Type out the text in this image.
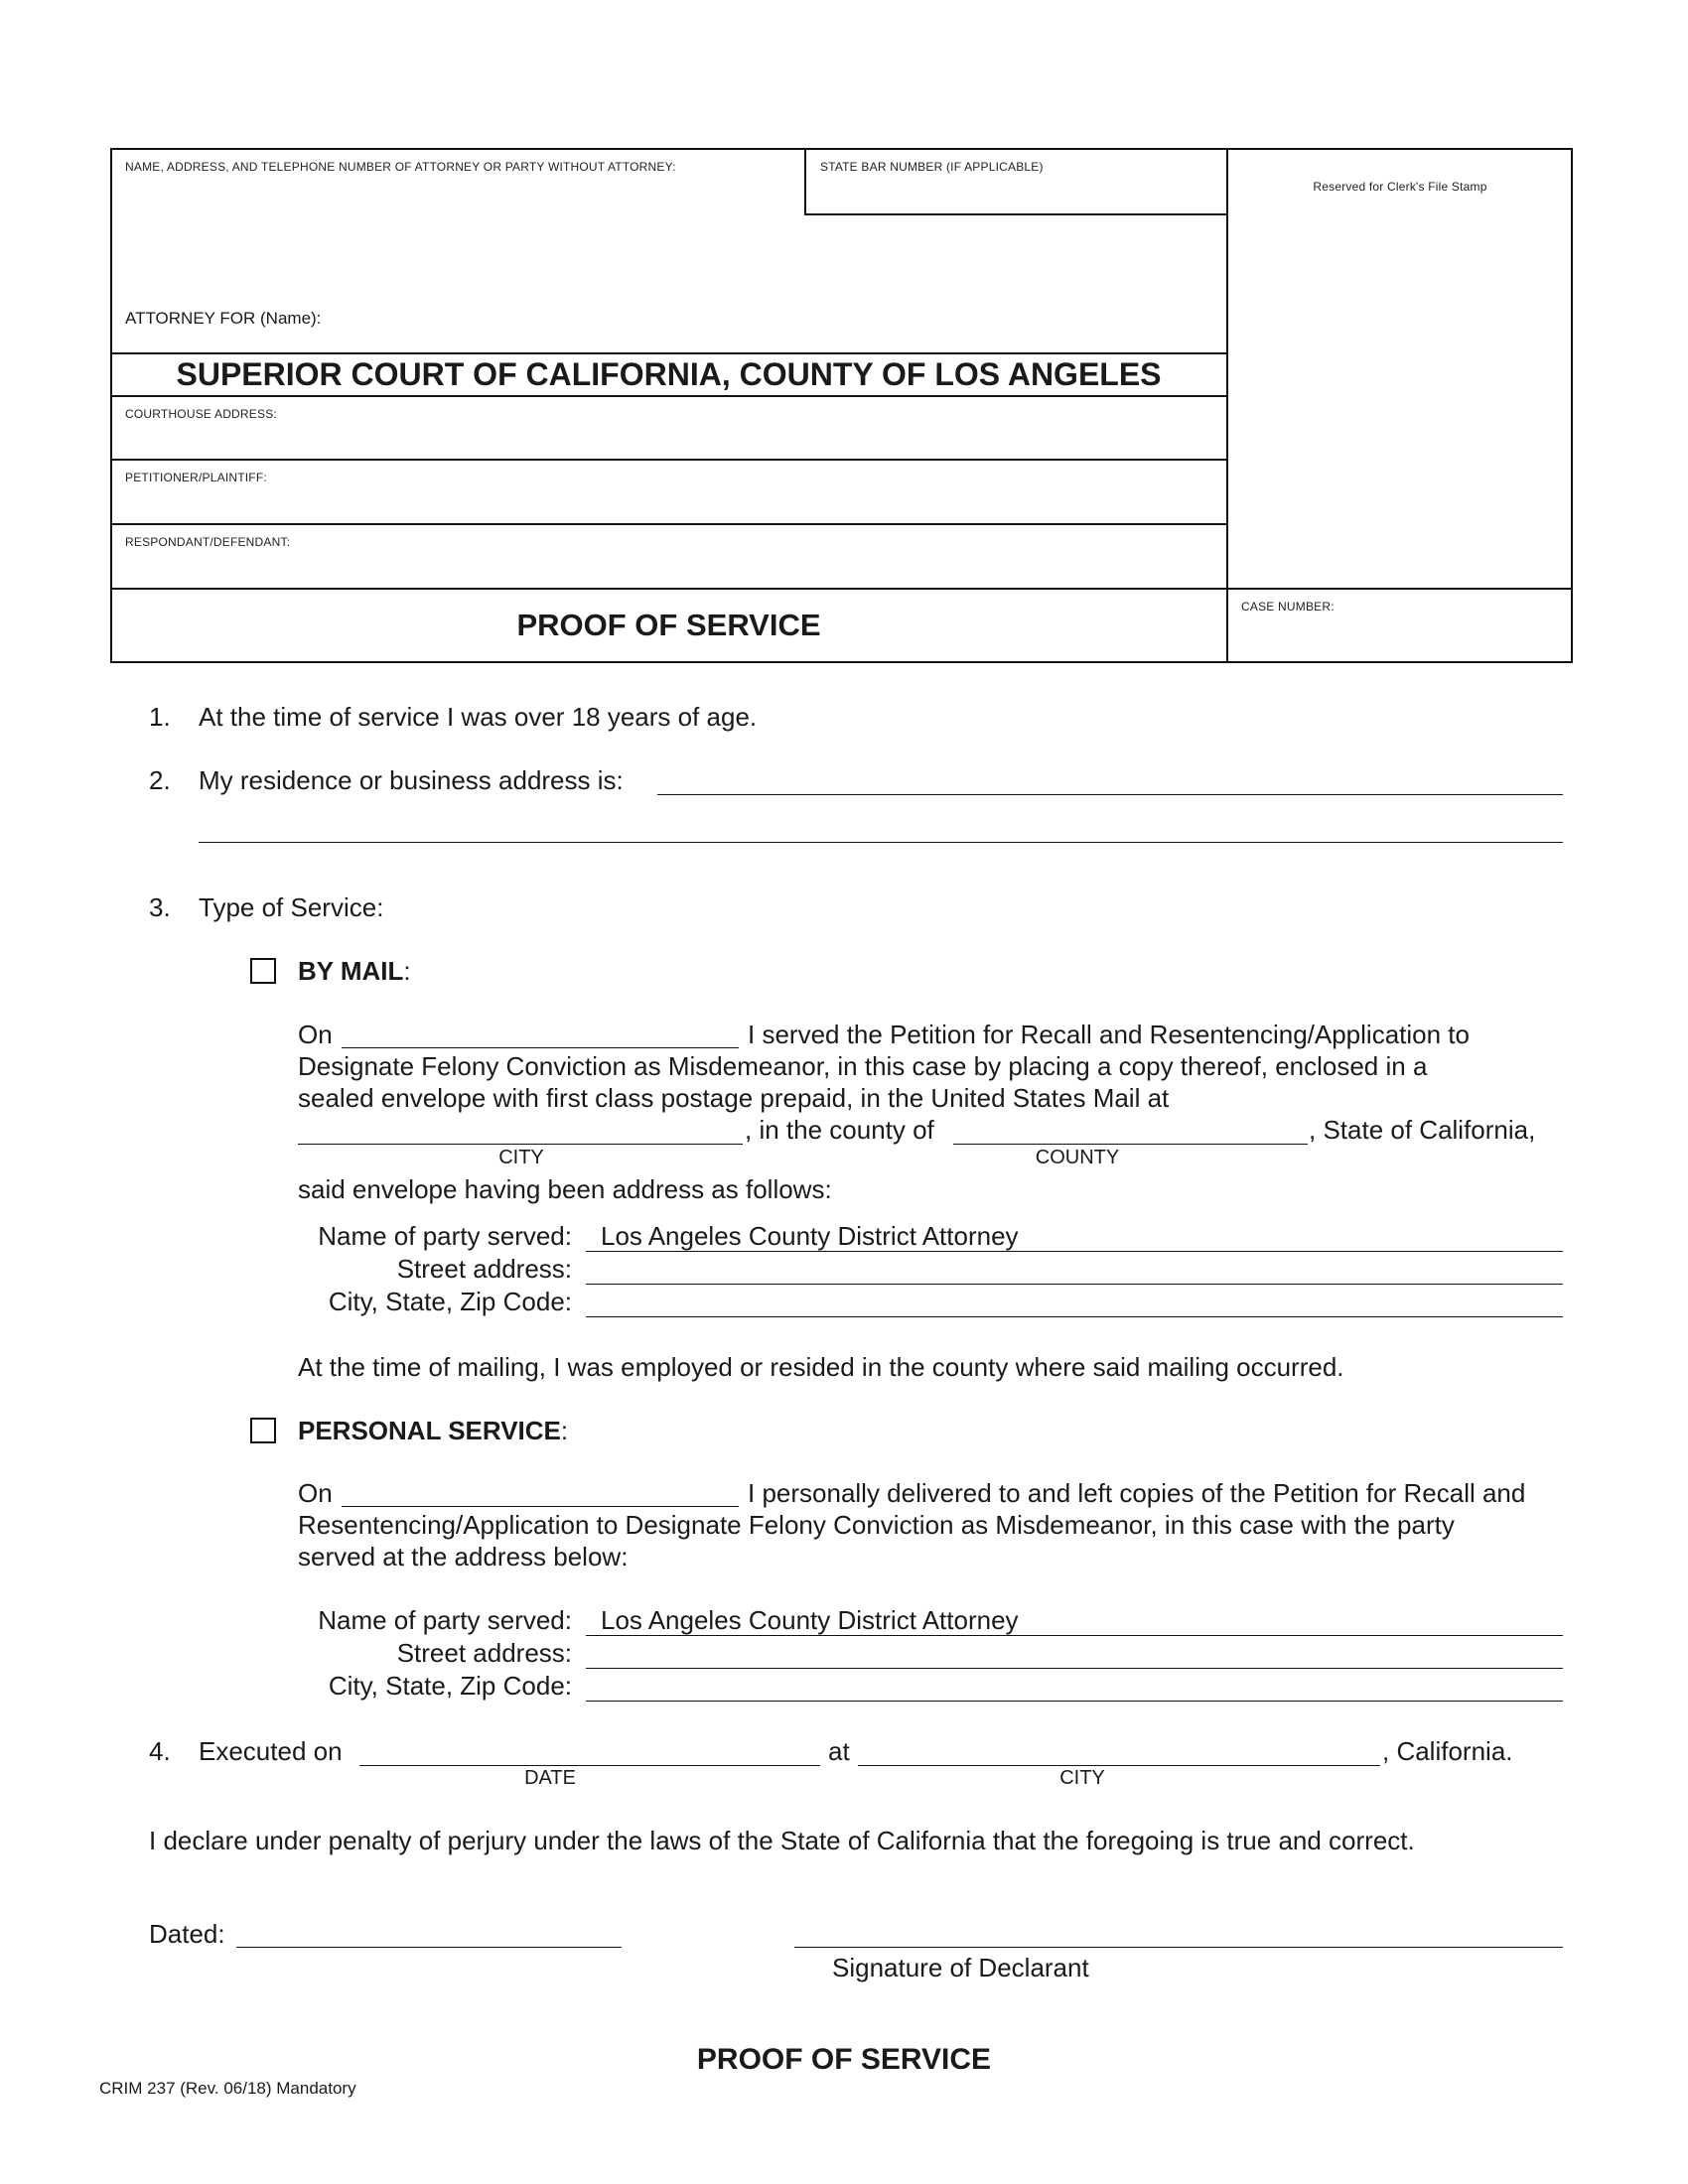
NAME, ADDRESS, AND TELEPHONE NUMBER OF ATTORNEY OR PARTY WITHOUT ATTORNEY:	STATE BAR NUMBER (IF APPLICABLE)
Reserved for Clerk's File Stamp
ATTORNEY FOR (Name):
SUPERIOR COURT OF CALIFORNIA, COUNTY OF LOS ANGELES
COURTHOUSE ADDRESS:
PETITIONER/PLAINTIFF:
RESPONDANT/DEFENDANT:
PROOF OF SERVICE
CASE NUMBER:
1. At the time of service I was over 18 years of age.
2. My residence or business address is:
3. Type of Service:
BY MAIL:
On	I served the Petition for Recall and Resentencing/Application to
Designate Felony Conviction as Misdemeanor, in this case by placing a copy thereof, enclosed in a
sealed envelope with first class postage prepaid, in the United States Mail at
, in the county of	, State of California,
CITY	COUNTY
said envelope having been address as follows:
Name of party served: Los Angeles County District Attorney
Street address:
City, State, Zip Code:
At the time of mailing, I was employed or resided in the county where said mailing occurred.
PERSONAL SERVICE:
On	I personally delivered to and left copies of the Petition for Recall and
Resentencing/Application to Designate Felony Conviction as Misdemeanor, in this case with the party
served at the address below:
Name of party served: Los Angeles County District Attorney
Street address:
City, State, Zip Code:
4. Executed on	at	, California.
DATE	CITY
I declare under penalty of perjury under the laws of the State of California that the foregoing is true and correct.
Dated:
Signature of Declarant
PROOF OF SERVICE
CRIM 237 (Rev. 06/18) Mandatory
